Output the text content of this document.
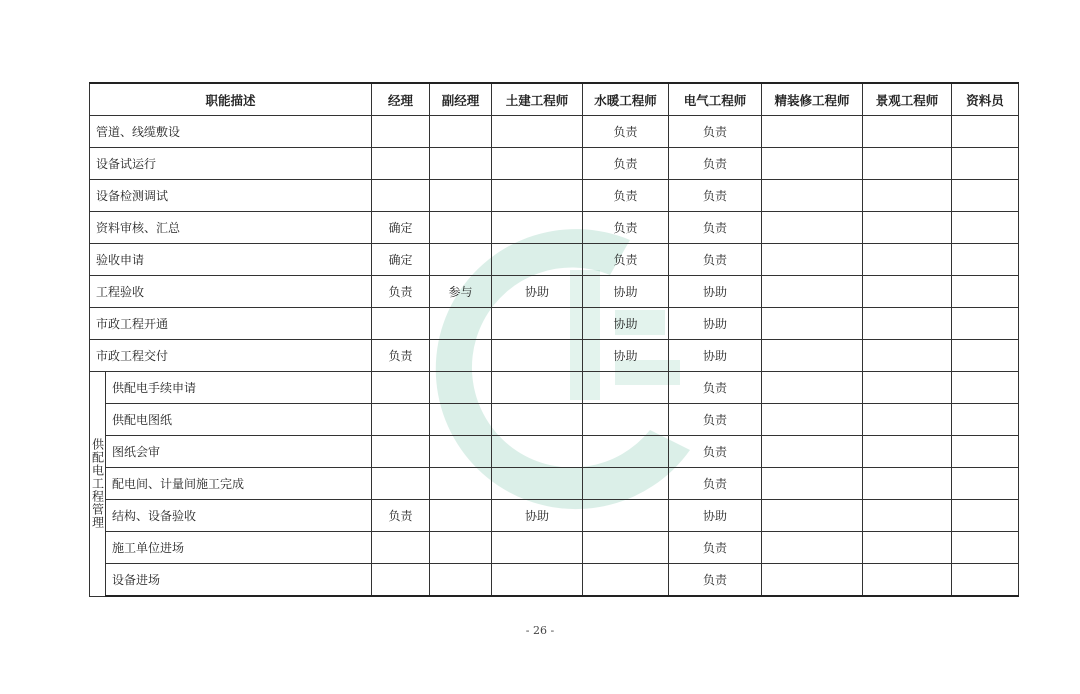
职能描述		经理	副经理	土建工程师	水暖工程师	电气工程师	精装修工程师	景观工程师	资料员
管道、线缆敷设					负责	负责			
设备试运行					负责	负责			
设备检测调试					负责	负责			
资料审核、汇总		确定			负责	负责			
验收申请		确定			负责	负责			
工程验收		负责	参与	协助	协助	协助			
市政工程开通					协助	协助			
市政工程交付		负责			协助	协助			
供配电工程管理	供配电手续申请					负责			
	供配电图纸					负责			
	图纸会审					负责			
	配电间、计量间施工完成					负责			
	结构、设备验收	负责		协助		协助			
	施工单位进场					负责			
	设备进场					负责			
- 26 -
